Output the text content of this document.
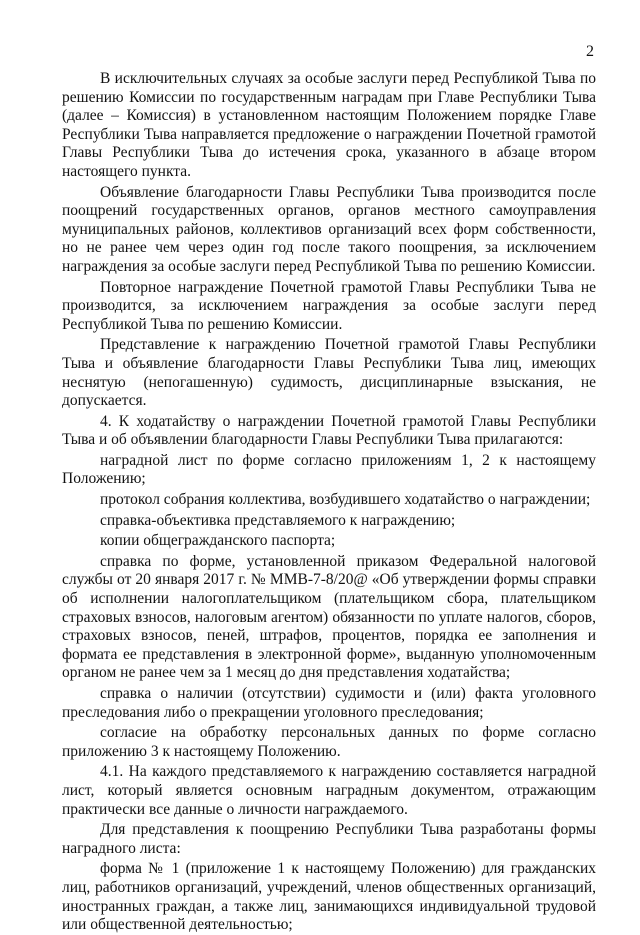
2

В исключительных случаях за особые заслуги перед Республикой Тыва по решению Комиссии по государственным наградам при Главе Республики Тыва (далее – Комиссия) в установленном настоящим Положением порядке Главе Республики Тыва направляется предложение о награждении Почетной грамотой Главы Республики Тыва до истечения срока, указанного в абзаце втором настоящего пункта.

Объявление благодарности Главы Республики Тыва производится после поощрений государственных органов, органов местного самоуправления муниципальных районов, коллективов организаций всех форм собственности, но не ранее чем через один год после такого поощрения, за исключением награждения за особые заслуги перед Республикой Тыва по решению Комиссии.

Повторное награждение Почетной грамотой Главы Республики Тыва не производится, за исключением награждения за особые заслуги перед Республикой Тыва по решению Комиссии.

Представление к награждению Почетной грамотой Главы Республики Тыва и объявление благодарности Главы Республики Тыва лиц, имеющих неснятую (непогашенную) судимость, дисциплинарные взыскания, не допускается.

4. К ходатайству о награждении Почетной грамотой Главы Республики Тыва и об объявлении благодарности Главы Республики Тыва прилагаются:

наградной лист по форме согласно приложениям 1, 2 к настоящему Положению;

протокол собрания коллектива, возбудившего ходатайство о награждении;

справка-объективка представляемого к награждению;

копии общегражданского паспорта;

справка по форме, установленной приказом Федеральной налоговой службы от 20 января 2017 г. № ММВ-7-8/20@ «Об утверждении формы справки об исполнении налогоплательщиком (плательщиком сбора, плательщиком страховых взносов, налоговым агентом) обязанности по уплате налогов, сборов, страховых взносов, пеней, штрафов, процентов, порядка ее заполнения и формата ее представления в электронной форме», выданную уполномоченным органом не ранее чем за 1 месяц до дня представления ходатайства;

справка о наличии (отсутствии) судимости и (или) факта уголовного преследования либо о прекращении уголовного преследования;

согласие на обработку персональных данных по форме согласно приложению 3 к настоящему Положению.

4.1. На каждого представляемого к награждению составляется наградной лист, который является основным наградным документом, отражающим практически все данные о личности награждаемого.

Для представления к поощрению Республики Тыва разработаны формы наградного листа:

форма № 1 (приложение 1 к настоящему Положению) для гражданских лиц, работников организаций, учреждений, членов общественных организаций, иностранных граждан, а также лиц, занимающихся индивидуальной трудовой или общественной деятельностью;
